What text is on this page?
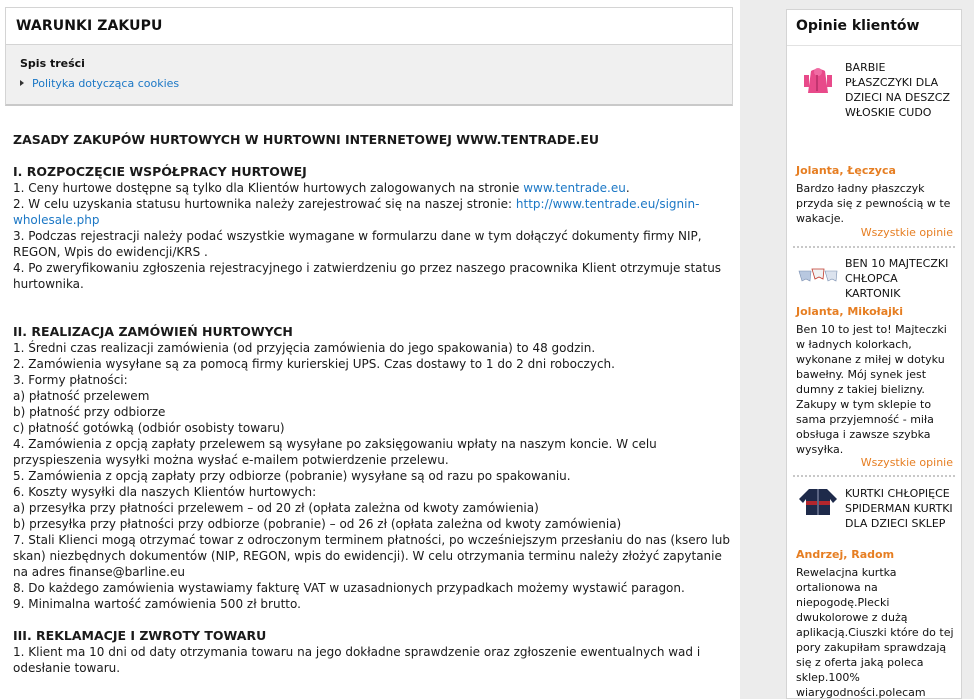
WARUNKI ZAKUPU
Spis treści
Polityka dotycząca cookies
ZASADY ZAKUPÓW HURTOWYCH W HURTOWNI INTERNETOWEJ WWW.TENTRADE.EU
I. ROZPOCZĘCIE WSPÓŁPRACY HURTOWEJ

1. Ceny hurtowe dostępne są tylko dla Klientów hurtowych zalogowanych na stronie www.tentrade.eu.

2. W celu uzyskania statusu hurtownika należy zarejestrować się na naszej stronie: http://www.tentrade.eu/signin-wholesale.php

3. Podczas rejestracji należy podać wszystkie wymagane w formularzu dane w tym dołączyć dokumenty firmy NIP, REGON, Wpis do ewidencji/KRS .

4. Po zweryfikowaniu zgłoszenia rejestracyjnego i zatwierdzeniu go przez naszego pracownika Klient otrzymuje status hurtownika.

II. REALIZACJA ZAMÓWIEŃ HURTOWYCH

1. Średni czas realizacji zamówienia (od przyjęcia zamówienia do jego spakowania) to 48 godzin.

2. Zamówienia wysyłane są za pomocą firmy kurierskiej UPS. Czas dostawy to 1 do 2 dni roboczych.

3. Formy płatności:

a) płatność przelewem

b) płatność przy odbiorze

c) płatność gotówką (odbiór osobisty towaru)

4. Zamówienia z opcją zapłaty przelewem są wysyłane po zaksięgowaniu wpłaty na naszym koncie. W celu przyspieszenia wysyłki można wysłać e-mailem potwierdzenie przelewu.

5. Zamówienia z opcją zapłaty przy odbiorze (pobranie) wysyłane są od razu po spakowaniu.

6. Koszty wysyłki dla naszych Klientów hurtowych:

a) przesyłka przy płatności przelewem – od 20 zł (opłata zależna od kwoty zamówienia)

b) przesyłka przy płatności przy odbiorze (pobranie) – od 26 zł (opłata zależna od kwoty zamówienia)

7. Stali Klienci mogą otrzymać towar z odroczonym terminem płatności, po wcześniejszym przesłaniu do nas (ksero lub skan) niezbędnych dokumentów (NIP, REGON, wpis do ewidencji). W celu otrzymania terminu należy złożyć zapytanie na adres finanse@barline.eu

8. Do każdego zamówienia wystawiamy fakturę VAT w uzasadnionych przypadkach możemy wystawić paragon.

9. Minimalna wartość zamówienia 500 zł brutto.

III. REKLAMACJE I ZWROTY TOWARU

1. Klient ma 10 dni od daty otrzymania towaru na jego dokładne sprawdzenie oraz zgłoszenie ewentualnych wad i odesłanie towaru.

Opinie klientów
BARBIE PŁASZCZYKI DLA DZIECI NA DESZCZ WŁOSKIE CUDO
Jolanta, Łęczyca
Bardzo ładny płaszczyk przyda się z pewnością w te wakacje.
Wszystkie opinie
BEN 10 MAJTECZKI CHŁOPCA KARTONIK
Jolanta, Mikołajki
Ben 10 to jest to! Majteczki w ładnych kolorkach, wykonane z miłej w dotyku bawełny. Mój synek jest dumny z takiej bielizny. Zakupy w tym sklepie to sama przyjemność - miła obsługa i zawsze szybka wysyłka.
Wszystkie opinie
KURTKI CHŁOPIĘCE SPIDERMAN KURTKI DLA DZIECI SKLEP
Andrzej, Radom
Rewelacjna kurtka ortalionowa na niepogodę.Plecki dwukolorowe z dużą aplikacją.Ciuszki które do tej pory zakupiłam sprawdzają się z oferta jaką poleca sklep.100% wiarygodności.polecam
